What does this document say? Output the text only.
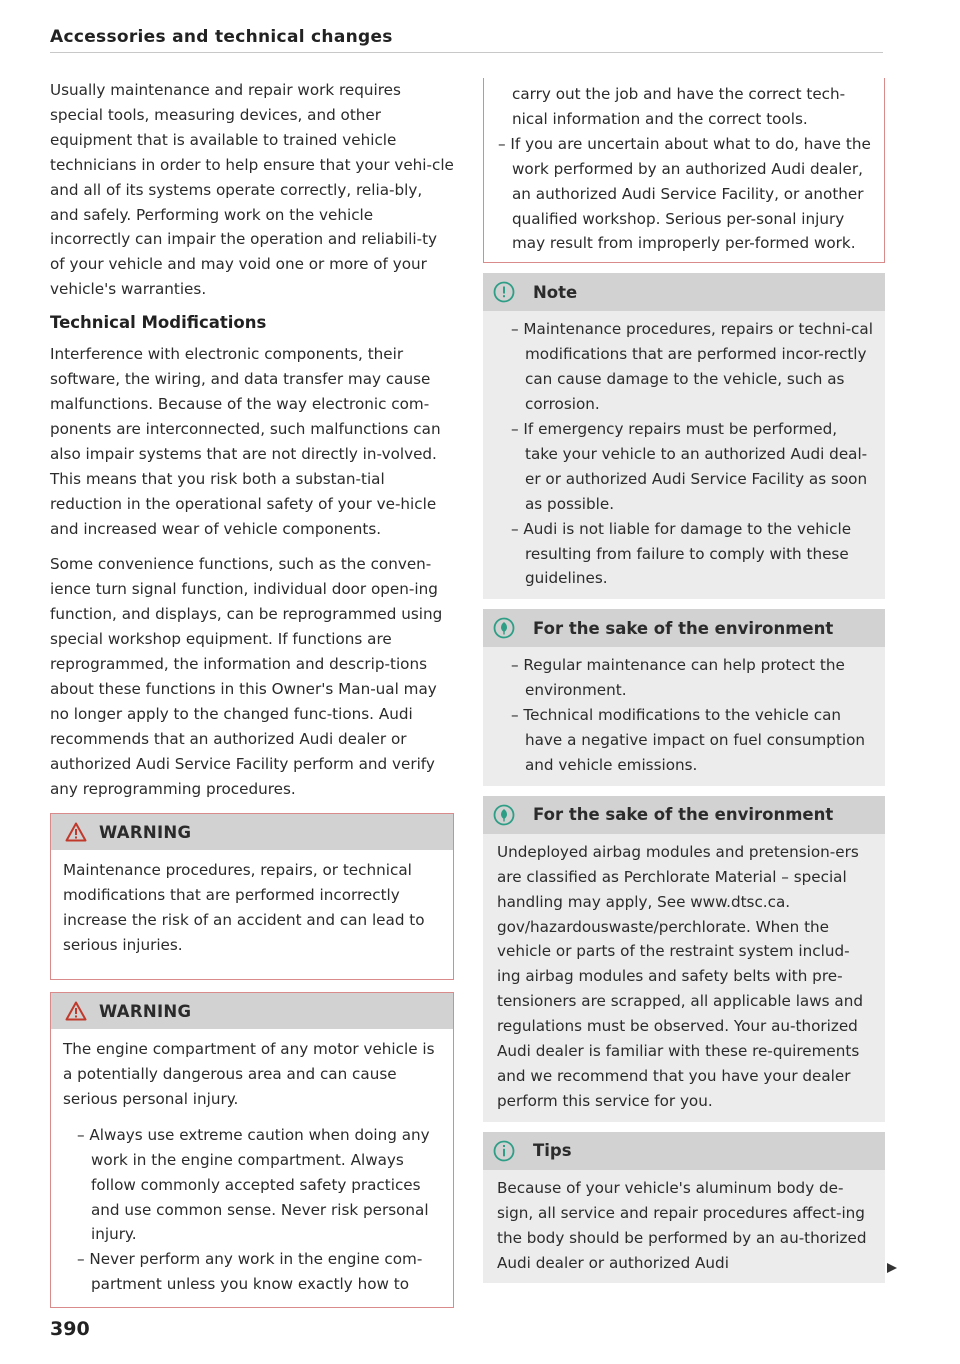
Accessories and technical changes

Usually maintenance and repair work requires special tools, measuring devices, and other equipment that is available to trained vehicle technicians in order to help ensure that your vehi-cle and all of its systems operate correctly, relia-bly, and safely. Performing work on the vehicle incorrectly can impair the operation and reliabili-ty of your vehicle and may void one or more of your vehicle's warranties.

Technical Modifications

Interference with electronic components, their software, the wiring, and data transfer may cause malfunctions. Because of the way electronic com-ponents are interconnected, such malfunctions can also impair systems that are not directly in-volved. This means that you risk both a substan-tial reduction in the operational safety of your ve-hicle and increased wear of vehicle components.

Some convenience functions, such as the conven-ience turn signal function, individual door open-ing function, and displays, can be reprogrammed using special workshop equipment. If functions are reprogrammed, the information and descrip-tions about these functions in this Owner's Man-ual may no longer apply to the changed func-tions. Audi recommends that an authorized Audi dealer or authorized Audi Service Facility perform and verify any reprogramming procedures.

WARNING

Maintenance procedures, repairs, or technical modifications that are performed incorrectly increase the risk of an accident and can lead to serious injuries.

WARNING

The engine compartment of any motor vehicle is a potentially dangerous area and can cause serious personal injury.

– Always use extreme caution when doing any work in the engine compartment. Always follow commonly accepted safety practices and use common sense. Never risk personal injury.
– Never perform any work in the engine com-partment unless you know exactly how to

carry out the job and have the correct tech-nical information and the correct tools.

– If you are uncertain about what to do, have the work performed by an authorized Audi dealer, an authorized Audi Service Facility, or another qualified workshop. Serious per-sonal injury may result from improperly per-formed work.
Note
– Maintenance procedures, repairs or techni-cal modifications that are performed incor-rectly can cause damage to the vehicle, such as corrosion.
– If emergency repairs must be performed, take your vehicle to an authorized Audi deal-er or authorized Audi Service Facility as soon as possible.
– Audi is not liable for damage to the vehicle resulting from failure to comply with these guidelines.
For the sake of the environment
– Regular maintenance can help protect the environment.
– Technical modifications to the vehicle can have a negative impact on fuel consumption and vehicle emissions.
For the sake of the environment

Undeployed airbag modules and pretension-ers are classified as Perchlorate Material – special handling may apply, See www.dtsc.ca. gov/hazardouswaste/perchlorate. When the vehicle or parts of the restraint system includ-ing airbag modules and safety belts with pre-tensioners are scrapped, all applicable laws and regulations must be observed. Your au-thorized Audi dealer is familiar with these re-quirements and we recommend that you have your dealer perform this service for you.

Tips

Because of your vehicle's aluminum body de-sign, all service and repair procedures affect-ing the body should be performed by an au-thorized Audi dealer or authorized Audi

390
